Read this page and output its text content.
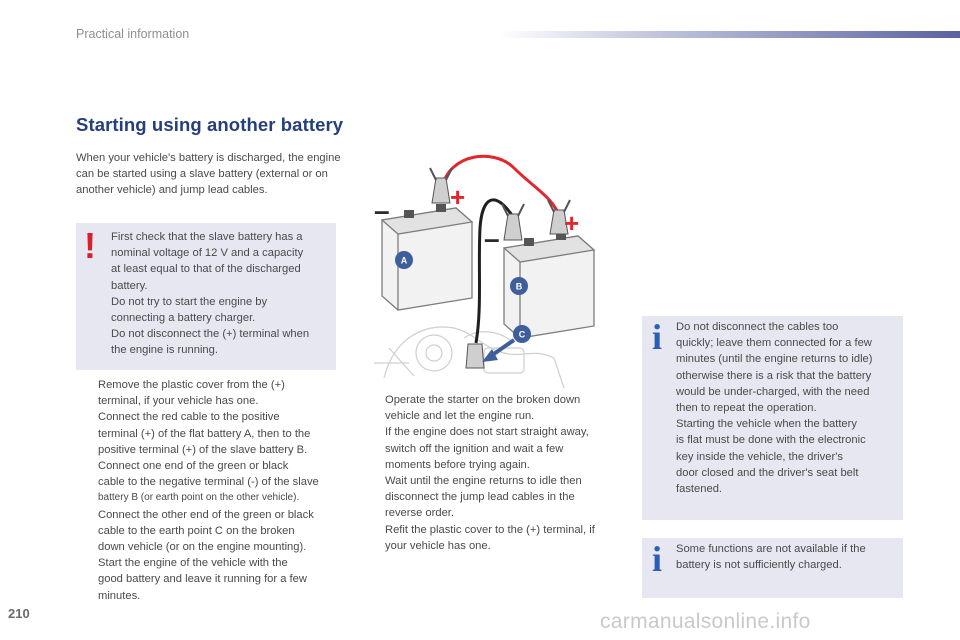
Practical information
Starting using another battery
When your vehicle's battery is discharged, the engine can be started using a slave battery (external or on another vehicle) and jump lead cables.
! First check that the slave battery has a
nominal voltage of 12 V and a capacity
at least equal to that of the discharged
battery.
Do not try to start the engine by
connecting a battery charger.
Do not disconnect the (+) terminal when
the engine is running.
Remove the plastic cover from the (+)
terminal, if your vehicle has one.
Connect the red cable to the positive
terminal (+) of the flat battery A, then to the
positive terminal (+) of the slave battery B.
Connect one end of the green or black
cable to the negative terminal (-) of the slave
battery B (or earth point on the other vehicle).
Connect the other end of the green or black
cable to the earth point C on the broken
down vehicle (or on the engine mounting).
Start the engine of the vehicle with the
good battery and leave it running for a few
minutes.
+
+
–
–
A
B
C
Operate the starter on the broken down
vehicle and let the engine run.
If the engine does not start straight away,
switch off the ignition and wait a few
moments before trying again.
Wait until the engine returns to idle then
disconnect the jump lead cables in the
reverse order.
Refit the plastic cover to the (+) terminal, if
your vehicle has one.
i Do not disconnect the cables too
quickly; leave them connected for a few
minutes (until the engine returns to idle)
otherwise there is a risk that the battery
would be under-charged, with the need
then to repeat the operation.
Starting the vehicle when the battery
is flat must be done with the electronic
key inside the vehicle, the driver's
door closed and the driver's seat belt
fastened.
i Some functions are not available if the
battery is not sufficiently charged.
210	carmanualsonline.info
